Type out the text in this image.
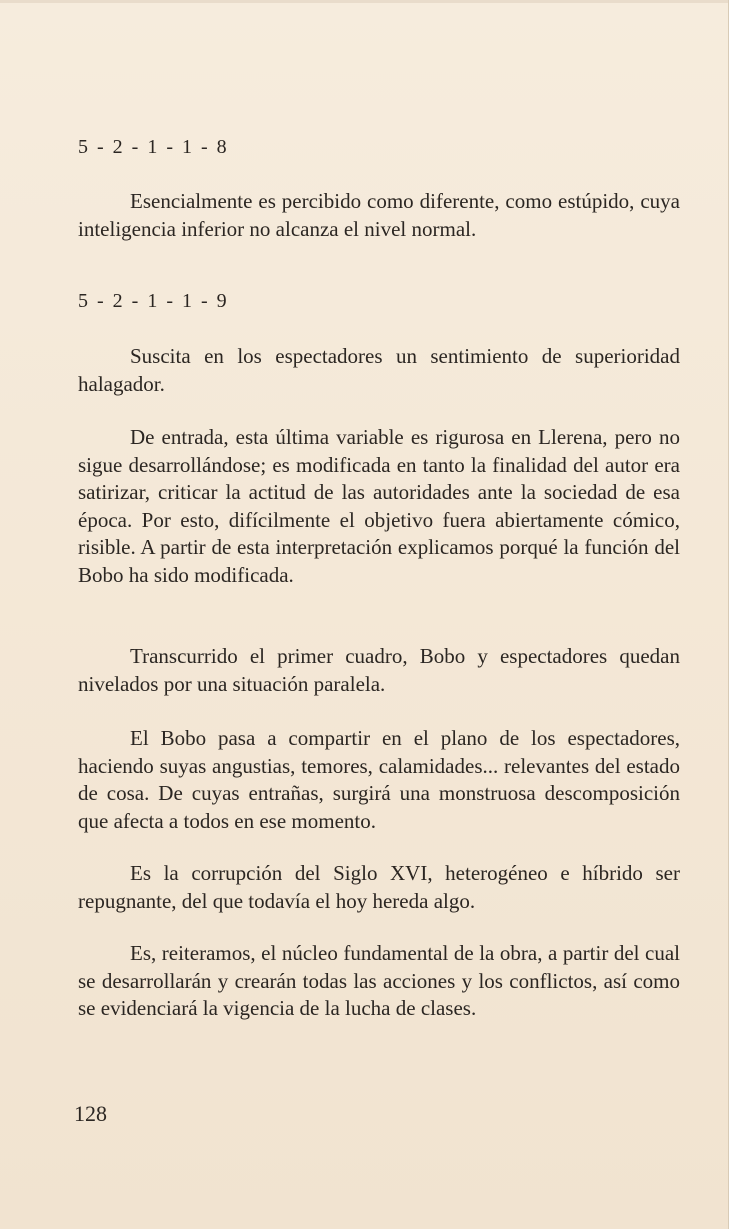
5 - 2 - 1 - 1 - 8

Esencialmente es percibido como diferente, como estúpido, cuya inteligencia inferior no alcanza el nivel normal.

5 - 2 - 1 - 1 - 9

Suscita en los espectadores un sentimiento de superioridad halagador.

De entrada, esta última variable es rigurosa en Llerena, pero no sigue desarrollándose; es modificada en tanto la finalidad del autor era satirizar, criticar la actitud de las autoridades ante la sociedad de esa época. Por esto, difícilmente el objetivo fuera abiertamente cómico, risible. A partir de esta interpretación explicamos porqué la función del Bobo ha sido modificada.

Transcurrido el primer cuadro, Bobo y espectadores quedan nivelados por una situación paralela.

El Bobo pasa a compartir en el plano de los espectadores, haciendo suyas angustias, temores, calamidades... relevantes del estado de cosa. De cuyas entrañas, surgirá una monstruosa descomposición que afecta a todos en ese momento.

Es la corrupción del Siglo XVI, heterogéneo e híbrido ser repugnante, del que todavía el hoy hereda algo.

Es, reiteramos, el núcleo fundamental de la obra, a partir del cual se desarrollarán y crearán todas las acciones y los conflictos, así como se evidenciará la vigencia de la lucha de clases.

128
